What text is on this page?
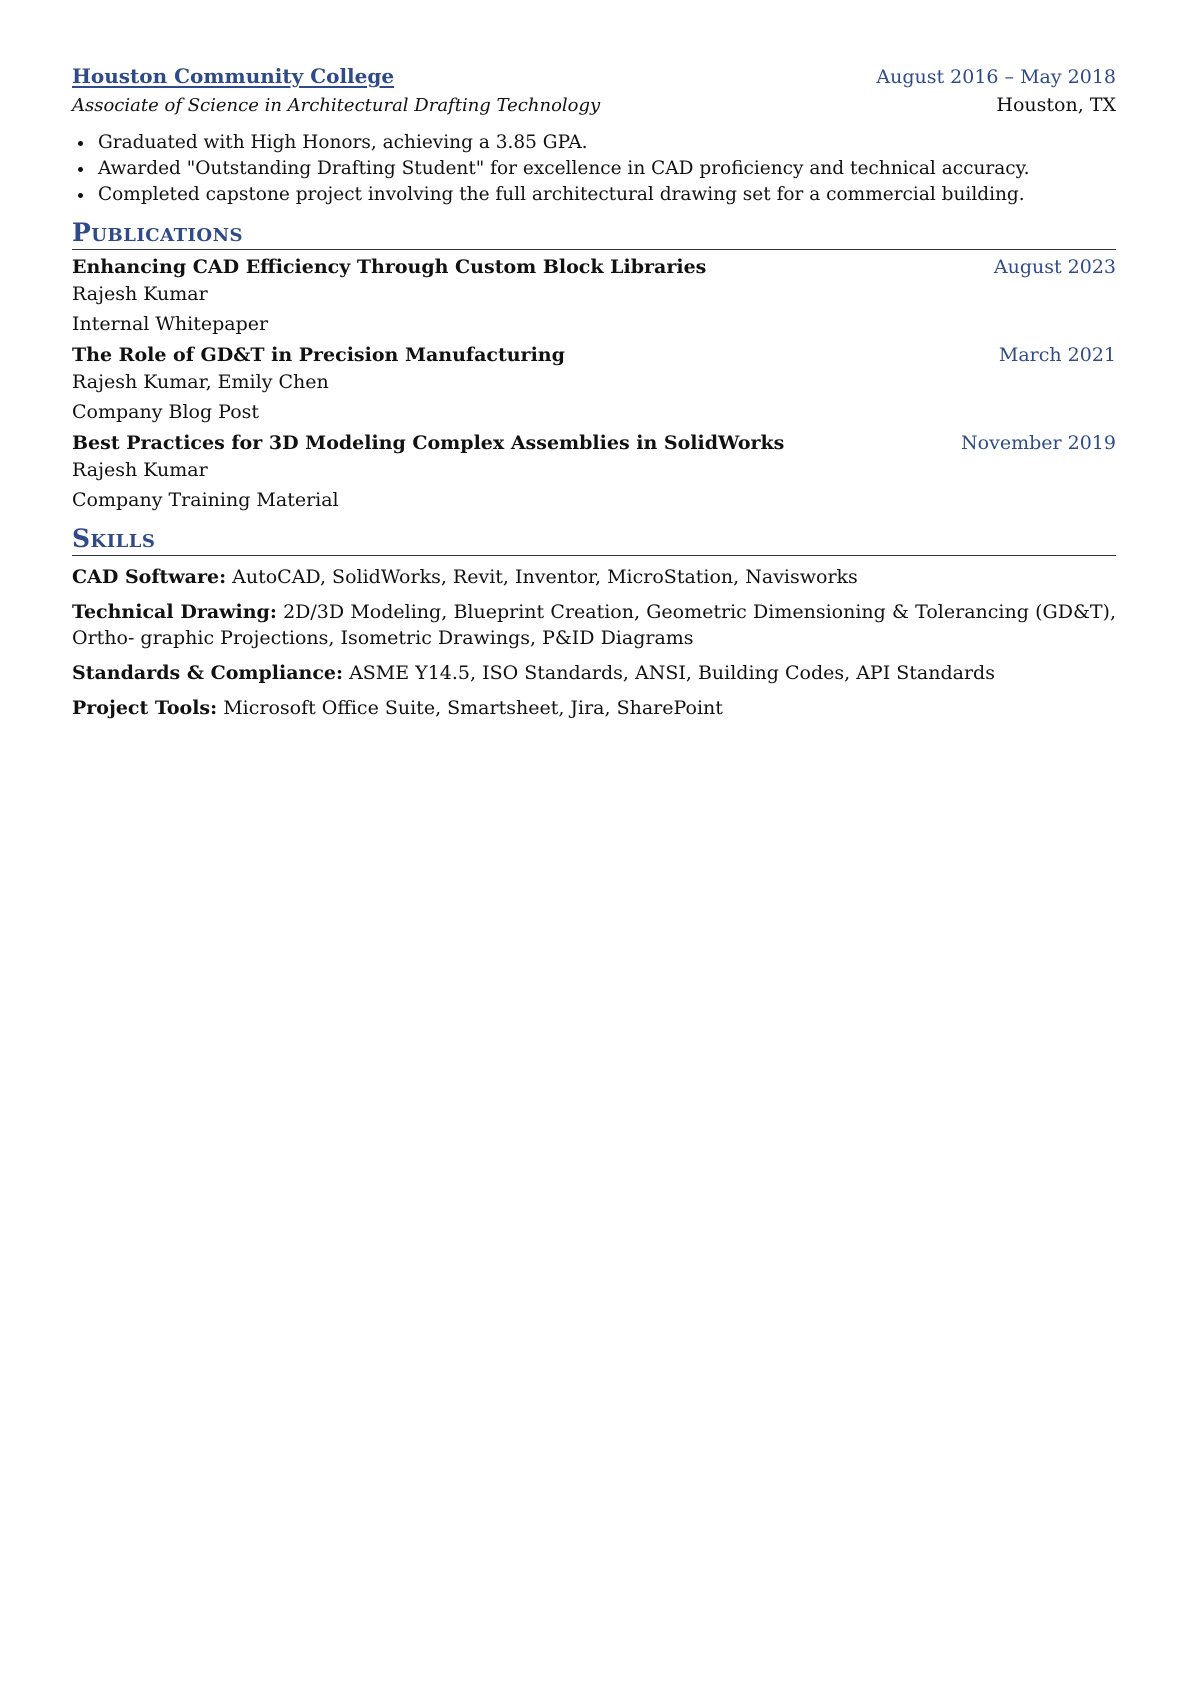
Houston Community College	August 2016 – May 2018
Associate of Science in Architectural Drafting Technology	Houston, TX
Graduated with High Honors, achieving a 3.85 GPA.
Awarded "Outstanding Drafting Student" for excellence in CAD proficiency and technical accuracy.
Completed capstone project involving the full architectural drawing set for a commercial building.
Publications
Enhancing CAD Efficiency Through Custom Block Libraries	August 2023
Rajesh Kumar
Internal Whitepaper
The Role of GD&T in Precision Manufacturing	March 2021
Rajesh Kumar, Emily Chen
Company Blog Post
Best Practices for 3D Modeling Complex Assemblies in SolidWorks	November 2019
Rajesh Kumar
Company Training Material
Skills
CAD Software: AutoCAD, SolidWorks, Revit, Inventor, MicroStation, Navisworks
Technical Drawing: 2D/3D Modeling, Blueprint Creation, Geometric Dimensioning & Tolerancing (GD&T), Ortho- graphic Projections, Isometric Drawings, P&ID Diagrams
Standards & Compliance: ASME Y14.5, ISO Standards, ANSI, Building Codes, API Standards
Project Tools: Microsoft Office Suite, Smartsheet, Jira, SharePoint
